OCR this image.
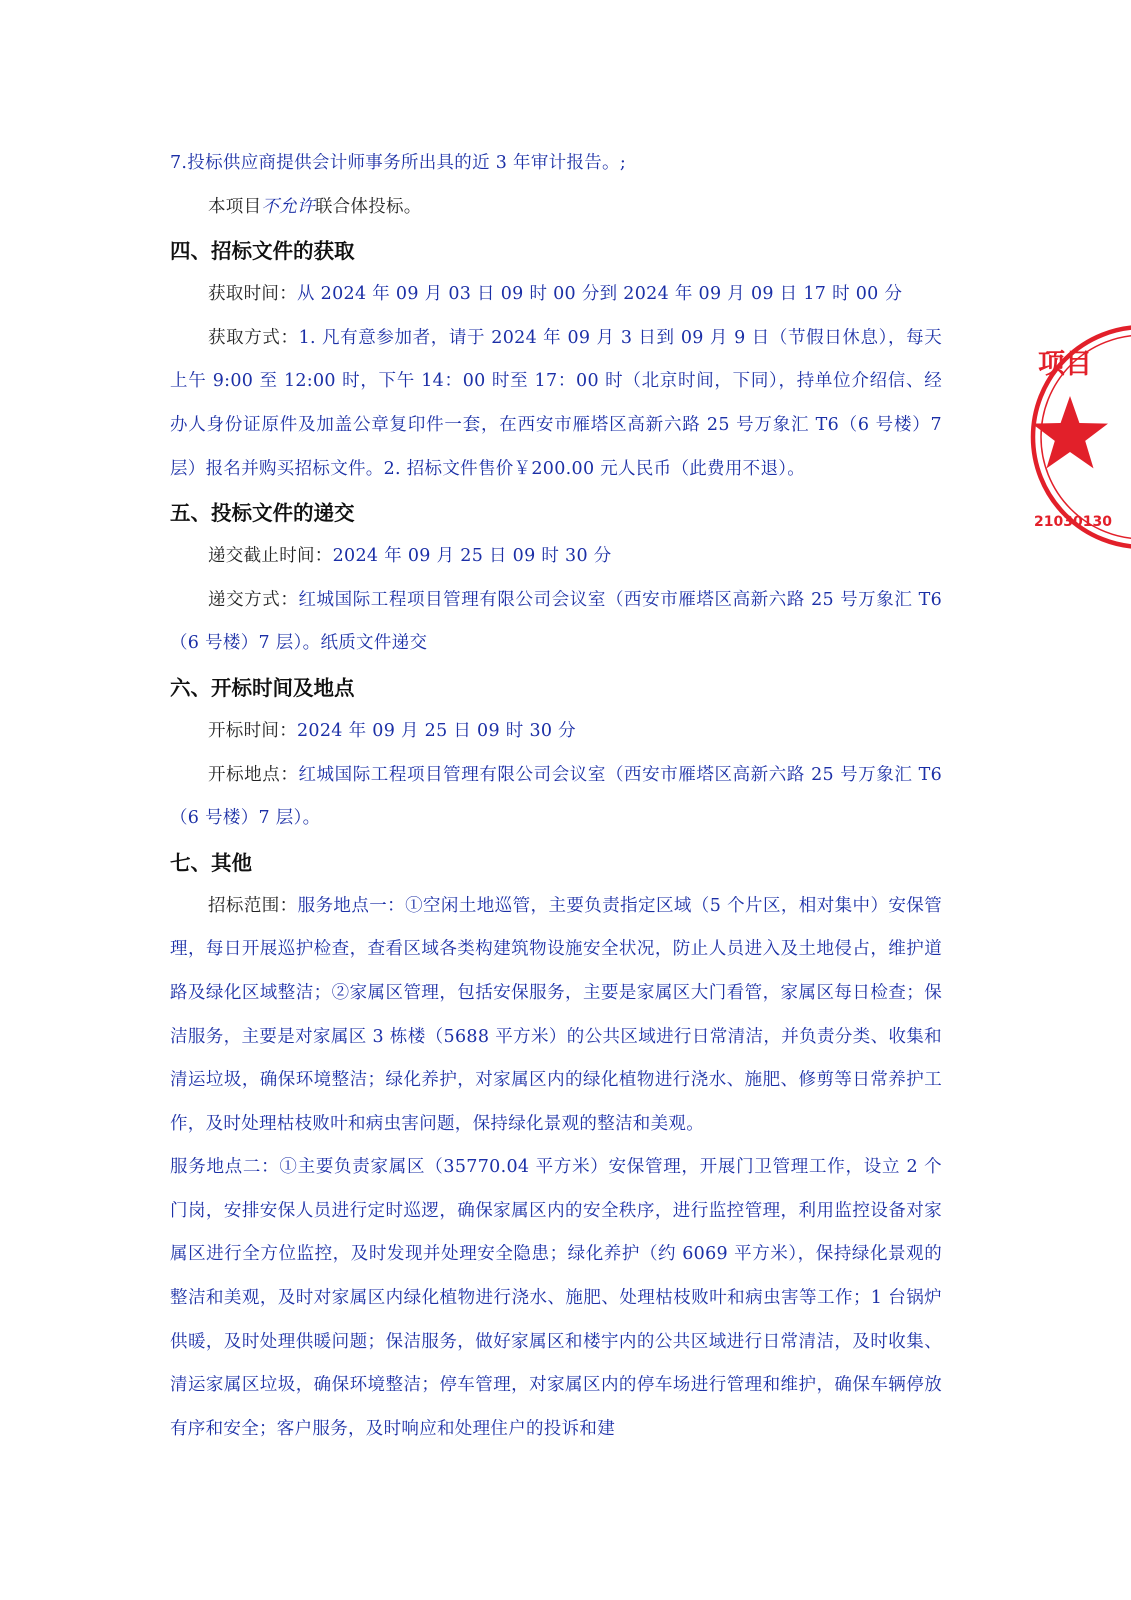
7.投标供应商提供会计师事务所出具的近 3 年审计报告。;

本项目不允许联合体投标。

四、招标文件的获取

获取时间：从 2024 年 09 月 03 日 09 时 00 分到 2024 年 09 月 09 日 17 时 00 分

获取方式：1. 凡有意参加者，请于 2024 年 09 月 3 日到 09 月 9 日（节假日休息），每天上午 9:00 至 12:00 时，下午 14：00 时至 17：00 时（北京时间，下同），持单位介绍信、经办人身份证原件及加盖公章复印件一套，在西安市雁塔区高新六路 25 号万象汇 T6（6 号楼）7 层）报名并购买招标文件。2. 招标文件售价￥200.00 元人民币（此费用不退）。

五、投标文件的递交

递交截止时间：2024 年 09 月 25 日 09 时 30 分

递交方式：红城国际工程项目管理有限公司会议室（西安市雁塔区高新六路 25 号万象汇 T6（6 号楼）7 层）。纸质文件递交

六、开标时间及地点

开标时间：2024 年 09 月 25 日 09 时 30 分

开标地点：红城国际工程项目管理有限公司会议室（西安市雁塔区高新六路 25 号万象汇 T6（6 号楼）7 层）。

七、其他

招标范围：服务地点一：①空闲土地巡管，主要负责指定区域（5 个片区，相对集中）安保管理，每日开展巡护检查，查看区域各类构建筑物设施安全状况，防止人员进入及土地侵占，维护道路及绿化区域整洁；②家属区管理，包括安保服务，主要是家属区大门看管，家属区每日检查；保洁服务，主要是对家属区 3 栋楼（5688 平方米）的公共区域进行日常清洁，并负责分类、收集和清运垃圾，确保环境整洁；绿化养护，对家属区内的绿化植物进行浇水、施肥、修剪等日常养护工作，及时处理枯枝败叶和病虫害问题，保持绿化景观的整洁和美观。

服务地点二：①主要负责家属区（35770.04 平方米）安保管理，开展门卫管理工作，设立 2 个门岗，安排安保人员进行定时巡逻，确保家属区内的安全秩序，进行监控管理，利用监控设备对家属区进行全方位监控，及时发现并处理安全隐患；绿化养护（约 6069 平方米），保持绿化景观的整洁和美观，及时对家属区内绿化植物进行浇水、施肥、处理枯枝败叶和病虫害等工作；1 台锅炉供暖，及时处理供暖问题；保洁服务，做好家属区和楼宇内的公共区域进行日常清洁，及时收集、清运家属区垃圾，确保环境整洁；停车管理，对家属区内的停车场进行管理和维护，确保车辆停放有序和安全；客户服务，及时响应和处理住户的投诉和建

项目
21030130
